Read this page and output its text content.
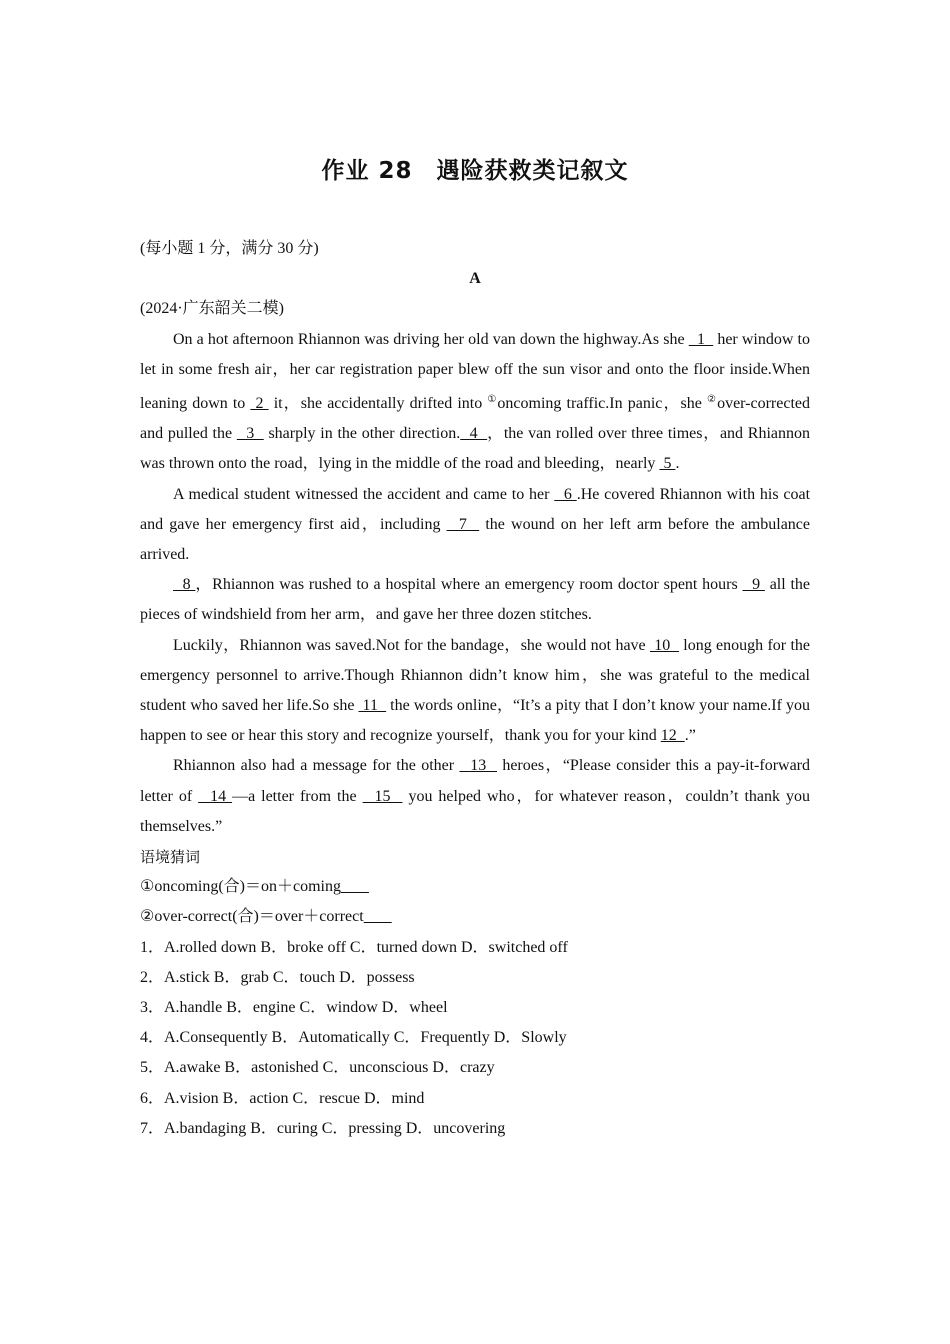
作业 28　遇险获救类记叙文

(每小题 1 分，满分 30 分)

A

(2024·广东韶关二模)

On a hot afternoon Rhiannon was driving her old van down the highway.As she   1   her window to let in some fresh air，her car registration paper blew off the sun visor and onto the floor inside.When leaning down to  2  it，she accidentally drifted into ①oncoming traffic.In panic，she ②over-corrected and pulled the   3   sharply in the other direction.  4  ，the van rolled over three times，and Rhiannon was thrown onto the road，lying in the middle of the road and bleeding，nearly  5 .

A medical student witnessed the accident and came to her   6 .He covered Rhiannon with his coat and gave her emergency first aid，including   7   the wound on her left arm before the ambulance arrived.

8 ，Rhiannon was rushed to a hospital where an emergency room doctor spent hours   9  all the pieces of windshield from her arm，and gave her three dozen stitches.

Luckily，Rhiannon was saved.Not for the bandage，she would not have  10   long enough for the emergency personnel to arrive.Though Rhiannon didn’t know him，she was grateful to the medical student who saved her life.So she  11   the words online，“It’s a pity that I don’t know your name.If you happen to see or hear this story and recognize yourself，thank you for your kind 12  .”

Rhiannon also had a message for the other   13   heroes，“Please consider this a pay-it-forward letter of   14 —a letter from the   15   you helped who，for whatever reason，couldn’t thank you themselves.”

语境猜词

①oncoming(合)＝on＋coming

②over-correct(合)＝over＋correct

1．A.rolled down B．broke off C．turned down D．switched off

2．A.stick B．grab C．touch D．possess

3．A.handle B．engine C．window D．wheel

4．A.Consequently B．Automatically C．Frequently D．Slowly

5．A.awake B．astonished C．unconscious D．crazy

6．A.vision B．action C．rescue D．mind

7．A.bandaging B．curing C．pressing D．uncovering
